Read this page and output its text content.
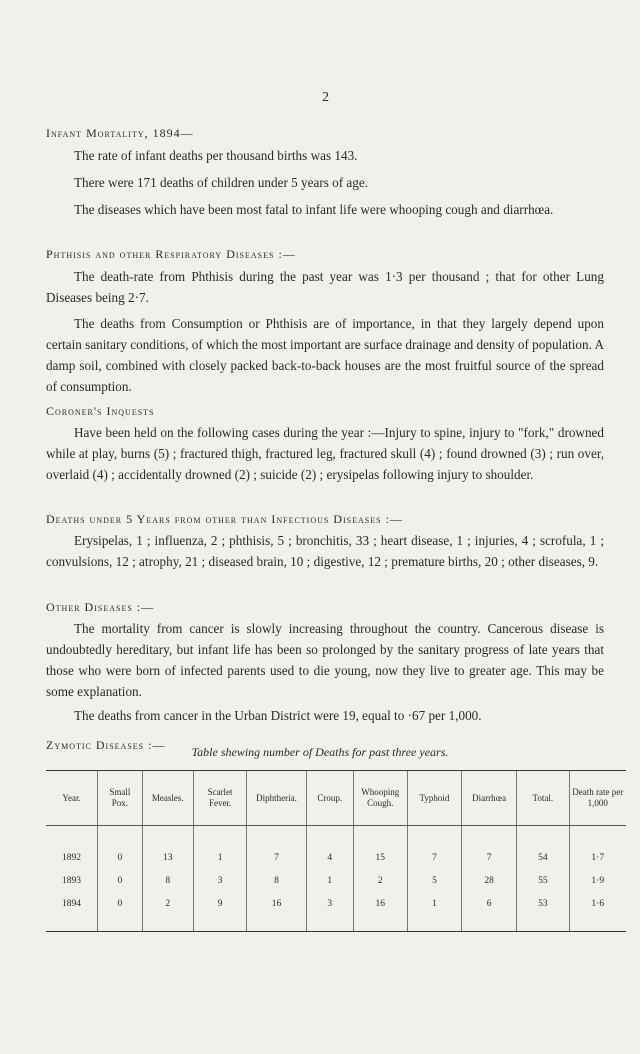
2
Infant Mortality, 1894—
The rate of infant deaths per thousand births was 143.
There were 171 deaths of children under 5 years of age.
The diseases which have been most fatal to infant life were whooping cough and diarrhœa.
Phthisis and other Respiratory Diseases :—
The death-rate from Phthisis during the past year was 1·3 per thousand ; that for other Lung Diseases being 2·7.
The deaths from Consumption or Phthisis are of importance, in that they largely depend upon certain sanitary conditions, of which the most important are surface drainage and density of population. A damp soil, combined with closely packed back-to-back houses are the most fruitful source of the spread of consumption.
Coroner's Inquests
Have been held on the following cases during the year :—Injury to spine, injury to "fork," drowned while at play, burns (5) ; fractured thigh, fractured leg, fractured skull (4) ; found drowned (3) ; run over, overlaid (4) ; accidentally drowned (2) ; suicide (2) ; erysipelas following injury to shoulder.
Deaths under 5 Years from other than Infectious Diseases :—
Erysipelas, 1 ; influenza, 2 ; phthisis, 5 ; bronchitis, 33 ; heart disease, 1 ; injuries, 4 ; scrofula, 1 ; convulsions, 12 ; atrophy, 21 ; diseased brain, 10 ; digestive, 12 ; premature births, 20 ; other diseases, 9.
Other Diseases :—
The mortality from cancer is slowly increasing throughout the country. Cancerous disease is undoubtedly hereditary, but infant life has been so prolonged by the sanitary progress of late years that those who were born of infected parents used to die young, now they live to greater age. This may be some explanation.
The deaths from cancer in the Urban District were 19, equal to ·67 per 1,000.
Zymotic Diseases :—	Table shewing number of Deaths for past three years.
Year.	Small Pox.	Measles.	Scarlet Fever.	Diphtheria.	Croup.	Whooping Cough.	Typhoid	Diarrhœa	Total.	Death rate per 1,000
1892	0	13	1	7	4	15	7	7	54	1·7
1893	0	8	3	8	1	2	5	28	55	1·9
1894	0	2	9	16	3	16	1	6	53	1·6
